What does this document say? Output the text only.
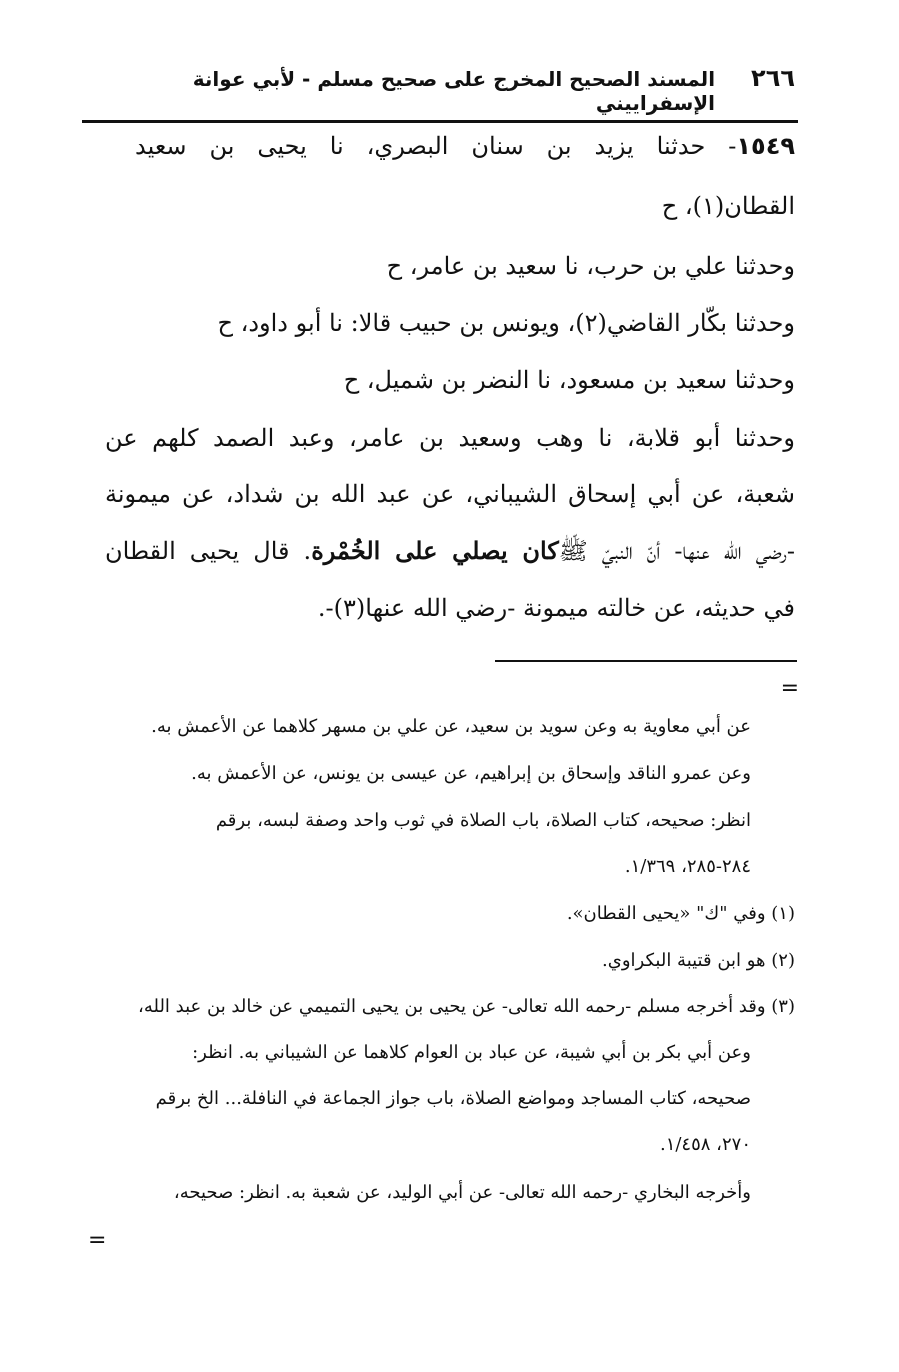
٢٦٦
المسند الصحيح المخرج على صحيح مسلم - لأبي عوانة الإسفراييني
١٥٤٩- حدثنا يزيد بن سنان البصري، نا يحيى بن سعيد
القطان(١)، ح
وحدثنا علي بن حرب، نا سعيد بن عامر، ح
وحدثنا بكّار القاضي(٢)، ويونس بن حبيب قالا: نا أبو داود، ح
وحدثنا سعيد بن مسعود، نا النضر بن شميل، ح
وحدثنا أبو قلابة، نا وهب وسعيد بن عامر، وعبد الصمد كلهم عن
شعبة، عن أبي إسحاق الشيباني، عن عبد الله بن شداد، عن ميمونة
-رضي الله عنها- أنّ النبيّ ﷺكان يصلي على الخُمْرة. قال يحيى القطان
في حديثه، عن خالته ميمونة -رضي الله عنها(٣)-.
=
عن أبي معاوية به وعن سويد بن سعيد، عن علي بن مسهر كلاهما عن الأعمش به.
وعن عمرو الناقد وإسحاق بن إبراهيم، عن عيسى بن يونس، عن الأعمش به.
انظر: صحيحه، كتاب الصلاة، باب الصلاة في ثوب واحد وصفة لبسه، برقم
٢٨٤-٢٨٥، ١/٣٦٩.
(١) وفي "ك" «يحيى القطان».
(٢) هو ابن قتيبة البكراوي.
(٣) وقد أخرجه مسلم -رحمه الله تعالى- عن يحيى بن يحيى التميمي عن خالد بن عبد الله،
وعن أبي بكر بن أبي شيبة، عن عباد بن العوام كلاهما عن الشيباني به. انظر:
صحيحه، كتاب المساجد ومواضع الصلاة، باب جواز الجماعة في النافلة... الخ برقم
٢٧٠، ١/٤٥٨.
وأخرجه البخاري -رحمه الله تعالى- عن أبي الوليد، عن شعبة به. انظر: صحيحه،
=
